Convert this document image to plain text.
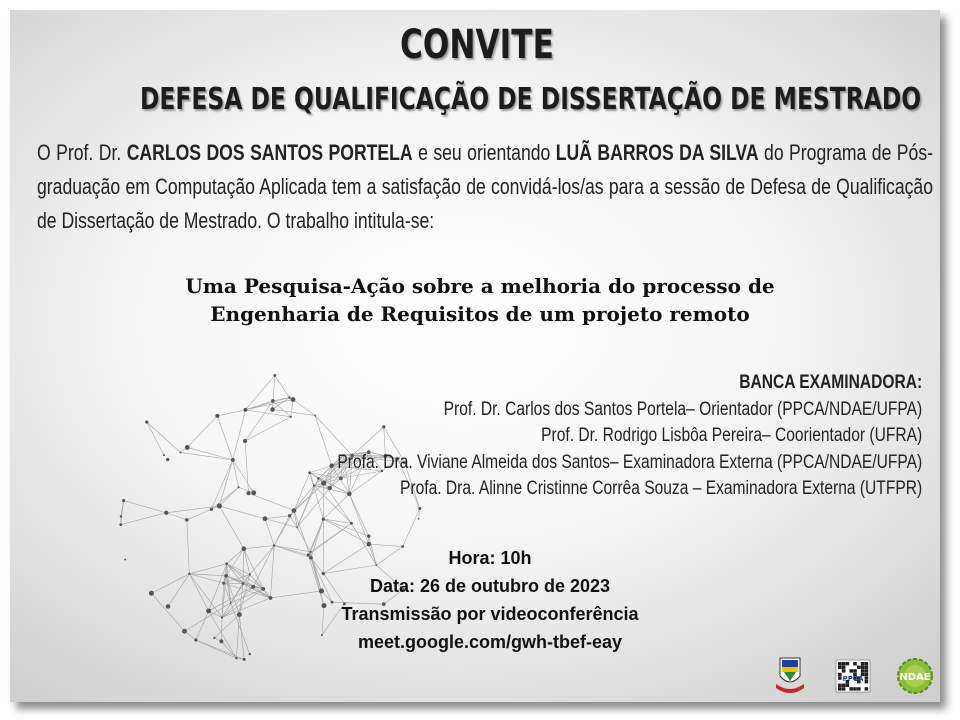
CONVITE
DEFESA DE QUALIFICAÇÃO DE DISSERTAÇÃO DE MESTRADO
O Prof. Dr. CARLOS DOS SANTOS PORTELA e seu orientando LUÃ BARROS DA SILVA do Programa de Pós-graduação em Computação Aplicada tem a satisfação de convidá-los/as para a sessão de Defesa de Qualificação de Dissertação de Mestrado. O trabalho intitula-se:
Uma Pesquisa-Ação sobre a melhoria do processo de
Engenharia de Requisitos de um projeto remoto
BANCA EXAMINADORA:
Prof. Dr. Carlos dos Santos Portela– Orientador (PPCA/NDAE/UFPA)
Prof. Dr. Rodrigo Lisbôa Pereira– Coorientador (UFRA)
Profa. Dra. Viviane Almeida dos Santos– Examinadora Externa (PPCA/NDAE/UFPA)
Profa. Dra. Alinne Cristinne Corrêa Souza – Examinadora Externa (UTFPR)
Hora: 10h
Data: 26 de outubro de 2023
Transmissão por videoconferência
meet.google.com/gwh-tbef-eay
PPCA	NDAE
